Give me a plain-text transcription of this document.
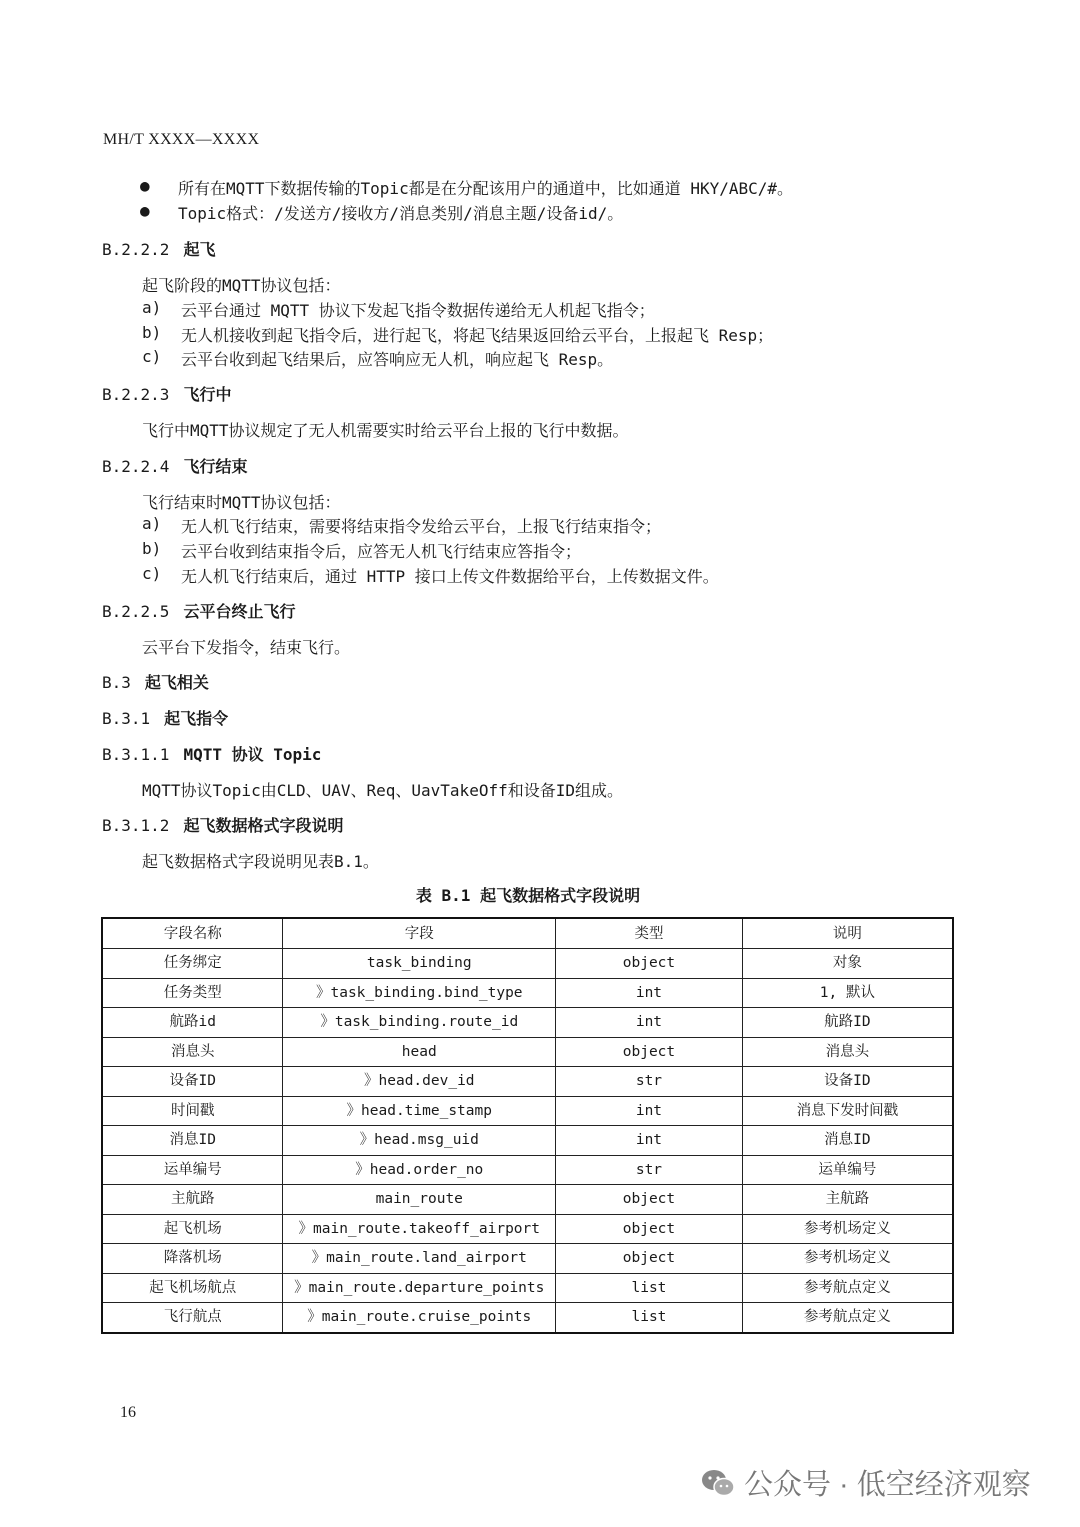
MH/T XXXX—XXXX
● 所有在MQTT下数据传输的Topic都是在分配该用户的通道中，比如通道 HKY/ABC/#。
● Topic格式：/发送方/接收方/消息类别/消息主题/设备id/。
B.2.2.2 起飞
起飞阶段的MQTT协议包括：
a) 云平台通过 MQTT 协议下发起飞指令数据传递给无人机起飞指令；
b) 无人机接收到起飞指令后，进行起飞，将起飞结果返回给云平台，上报起飞 Resp；
c) 云平台收到起飞结果后，应答响应无人机，响应起飞 Resp。
B.2.2.3 飞行中
飞行中MQTT协议规定了无人机需要实时给云平台上报的飞行中数据。
B.2.2.4 飞行结束
飞行结束时MQTT协议包括：
a) 无人机飞行结束，需要将结束指令发给云平台，上报飞行结束指令；
b) 云平台收到结束指令后，应答无人机飞行结束应答指令；
c) 无人机飞行结束后，通过 HTTP 接口上传文件数据给平台，上传数据文件。
B.2.2.5 云平台终止飞行
云平台下发指令，结束飞行。
B.3 起飞相关
B.3.1 起飞指令
B.3.1.1 MQTT 协议 Topic
MQTT协议Topic由CLD、UAV、Req、UavTakeOff和设备ID组成。
B.3.1.2 起飞数据格式字段说明
起飞数据格式字段说明见表B.1。
表 B.1 起飞数据格式字段说明
字段名称	字段	类型	说明
任务绑定	task_binding	object	对象
任务类型	》task_binding.bind_type	int	1, 默认
航路id	》task_binding.route_id	int	航路ID
消息头	head	object	消息头
设备ID	》head.dev_id	str	设备ID
时间戳	》head.time_stamp	int	消息下发时间戳
消息ID	》head.msg_uid	int	消息ID
运单编号	》head.order_no	str	运单编号
主航路	main_route	object	主航路
起飞机场	》main_route.takeoff_airport	object	参考机场定义
降落机场	》main_route.land_airport	object	参考机场定义
起飞机场航点	》main_route.departure_points	list	参考航点定义
飞行航点	》main_route.cruise_points	list	参考航点定义
16
公众号 · 低空经济观察
